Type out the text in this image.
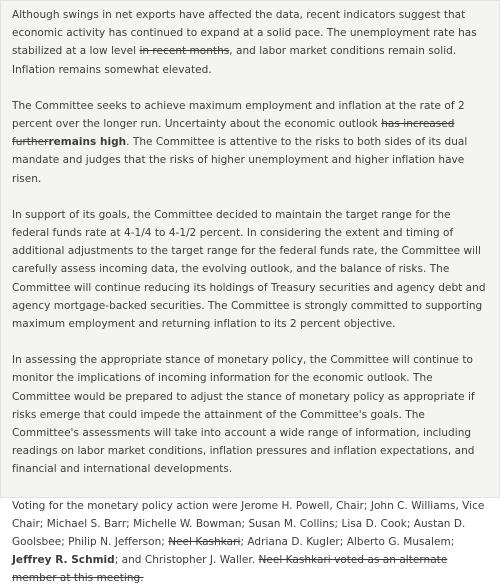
Although swings in net exports have affected the data, recent indicators suggest that economic activity has continued to expand at a solid pace. The unemployment rate has stabilized at a low level in recent months, and labor market conditions remain solid. Inflation remains somewhat elevated.
The Committee seeks to achieve maximum employment and inflation at the rate of 2 percent over the longer run. Uncertainty about the economic outlook has increased furtherremains high. The Committee is attentive to the risks to both sides of its dual mandate and judges that the risks of higher unemployment and higher inflation have risen.
In support of its goals, the Committee decided to maintain the target range for the federal funds rate at 4-1/4 to 4-1/2 percent. In considering the extent and timing of additional adjustments to the target range for the federal funds rate, the Committee will carefully assess incoming data, the evolving outlook, and the balance of risks. The Committee will continue reducing its holdings of Treasury securities and agency debt and agency mortgage-backed securities. The Committee is strongly committed to supporting maximum employment and returning inflation to its 2 percent objective.
In assessing the appropriate stance of monetary policy, the Committee will continue to monitor the implications of incoming information for the economic outlook. The Committee would be prepared to adjust the stance of monetary policy as appropriate if risks emerge that could impede the attainment of the Committee's goals. The Committee's assessments will take into account a wide range of information, including readings on labor market conditions, inflation pressures and inflation expectations, and financial and international developments.
Voting for the monetary policy action were Jerome H. Powell, Chair; John C. Williams, Vice Chair; Michael S. Barr; Michelle W. Bowman; Susan M. Collins; Lisa D. Cook; Austan D. Goolsbee; Philip N. Jefferson; Neel Kashkari; Adriana D. Kugler; Alberto G. Musalem; Jeffrey R. Schmid; and Christopher J. Waller. Neel Kashkari voted as an alternate member at this meeting.
